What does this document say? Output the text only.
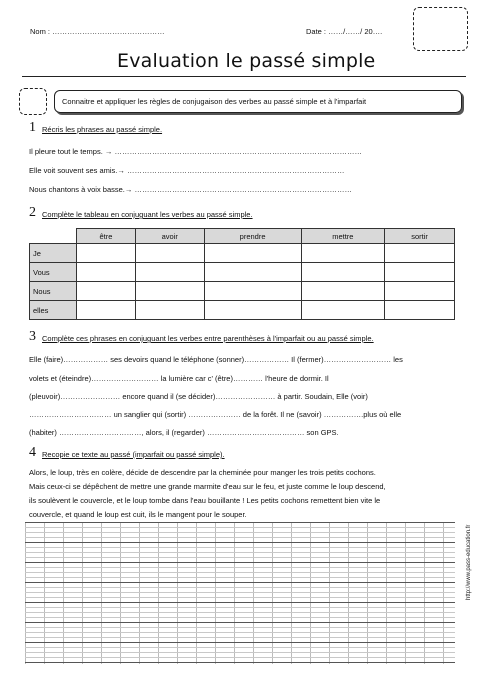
Nom : ………………………………………	Date : ……/……/ 20….
Evaluation le passé simple
Connaitre et appliquer les règles de conjugaison des verbes au passé simple et à l'imparfait
1 Récris les phrases au passé simple.
Il pleure tout le temps. → ………………………………………………………………………………………
Elle voit souvent ses amis.→ ……………………………………………………………………………
Nous chantons à voix basse.→ ……………………………………………………………………………
2 Complète le tableau en conjuguant les verbes au passé simple.
	être	avoir	prendre	mettre	sortir
Je					
Vous					
Nous					
elles					
3 Complète ces phrases en conjuguant les verbes entre parenthèses à l'imparfait ou au passé simple.
Elle (faire)……………… ses devoirs quand le téléphone (sonner)……………… Il (fermer)……………………… les
volets et (éteindre)……………………… la lumière car c' (être)………… l'heure de dormir. Il
(pleuvoir)…………………… encore quand il (se décider)…………………… à partir. Soudain, Elle (voir)
…………………………… un sanglier qui (sortir) ………………… de la forêt. Il ne (savoir) …………….plus où elle
(habiter) ……………………………, alors, il (regarder) ………………………………… son GPS.
4 Recopie ce texte au passé (imparfait ou passé simple).
Alors, le loup, très en colère, décide de descendre par la cheminée pour manger les trois petits cochons.
Mais ceux-ci se dépêchent de mettre une grande marmite d'eau sur le feu, et juste comme le loup descend,
ils soulèvent le couvercle, et le loup tombe dans l'eau bouillante ! Les petits cochons remettent bien vite le
couvercle, et quand le loup est cuit, ils le mangent pour le souper.
http://www.pass-education.fr
